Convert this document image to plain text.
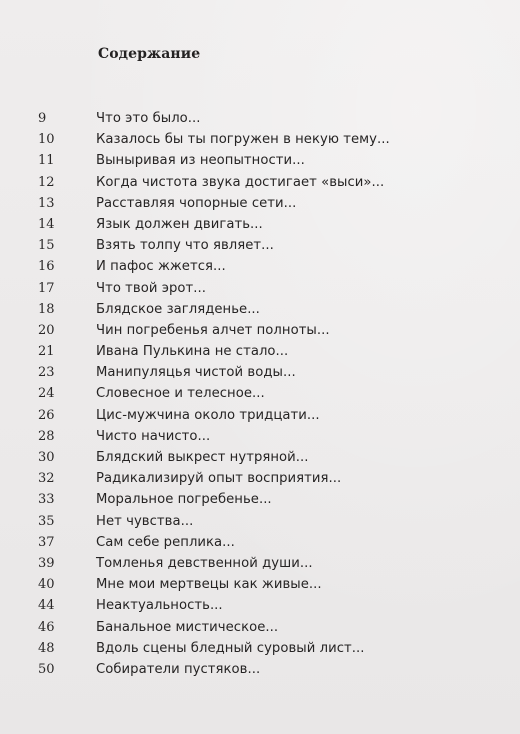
Содержание
9	Что это было...
10	Казалось бы ты погружен в некую тему...
11	Выныривая из неопытности...
12	Когда чистота звука достигает «выси»...
13	Расставляя чопорные сети...
14	Язык должен двигать...
15	Взять толпу что являет...
16	И пафос жжется...
17	Что твой эрот...
18	Блядское загляденье...
20	Чин погребенья алчет полноты...
21	Ивана Пулькина не стало...
23	Манипуляцья чистой воды...
24	Словесное и телесное...
26	Цис-мужчина около тридцати...
28	Чисто начисто...
30	Блядский выкрест нутряной...
32	Радикализируй опыт восприятия...
33	Моральное погребенье...
35	Нет чувства...
37	Сам себе реплика...
39	Томленья девственной души...
40	Мне мои мертвецы как живые...
44	Неактуальность...
46	Банальное мистическое...
48	Вдоль сцены бледный суровый лист...
50	Собиратели пустяков...
